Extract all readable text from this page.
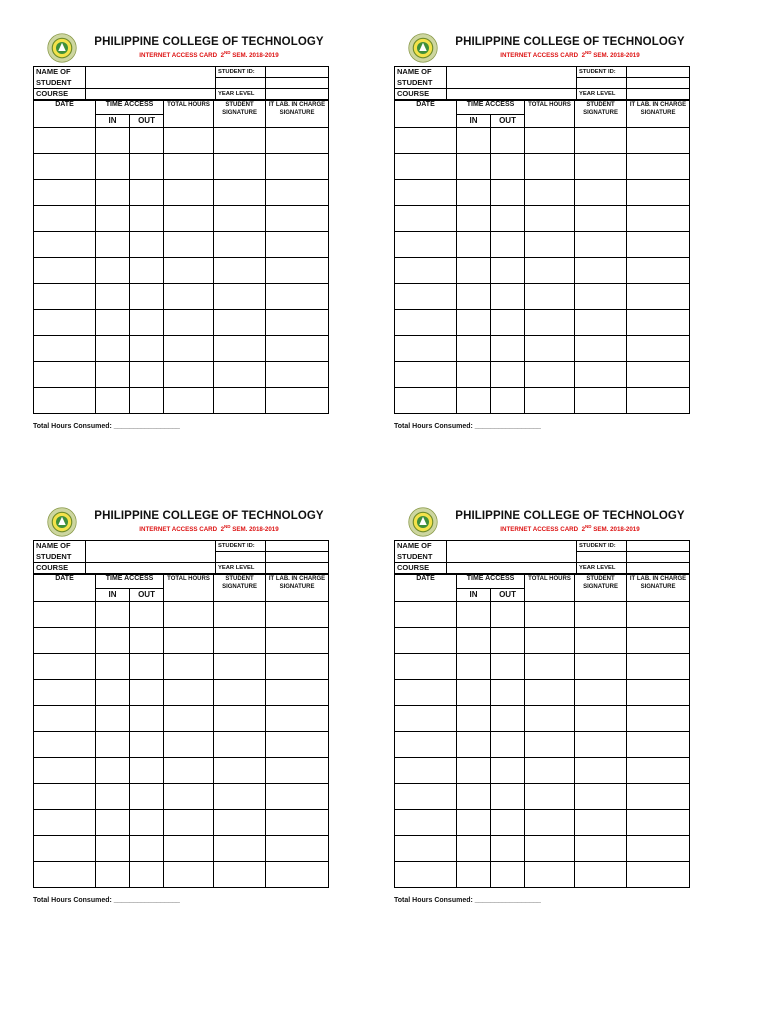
PHILIPPINE COLLEGE OF TECHNOLOGY
INTERNET ACCESS CARD 2ND SEM. 2018-2019
NAME OF STUDENT		STUDENT ID:	

COURSE		YEAR LEVEL	
DATE	TIME ACCESS		TOTAL HOURS	STUDENT SIGNATURE	IT LAB. IN CHARGE SIGNATURE
	IN	OUT			

Total Hours Consumed: _________________
PHILIPPINE COLLEGE OF TECHNOLOGY
INTERNET ACCESS CARD 2ND SEM. 2018-2019
NAME OF STUDENT		STUDENT ID:	

COURSE		YEAR LEVEL	
DATE	TIME ACCESS		TOTAL HOURS	STUDENT SIGNATURE	IT LAB. IN CHARGE SIGNATURE
	IN	OUT			

Total Hours Consumed: _________________
PHILIPPINE COLLEGE OF TECHNOLOGY
INTERNET ACCESS CARD 2ND SEM. 2018-2019
NAME OF STUDENT		STUDENT ID:	

COURSE		YEAR LEVEL	
DATE	TIME ACCESS		TOTAL HOURS	STUDENT SIGNATURE	IT LAB. IN CHARGE SIGNATURE
	IN	OUT			

Total Hours Consumed: _________________
PHILIPPINE COLLEGE OF TECHNOLOGY
INTERNET ACCESS CARD 2ND SEM. 2018-2019
NAME OF STUDENT		STUDENT ID:	

COURSE		YEAR LEVEL	
DATE	TIME ACCESS		TOTAL HOURS	STUDENT SIGNATURE	IT LAB. IN CHARGE SIGNATURE
	IN	OUT			

Total Hours Consumed: _________________
